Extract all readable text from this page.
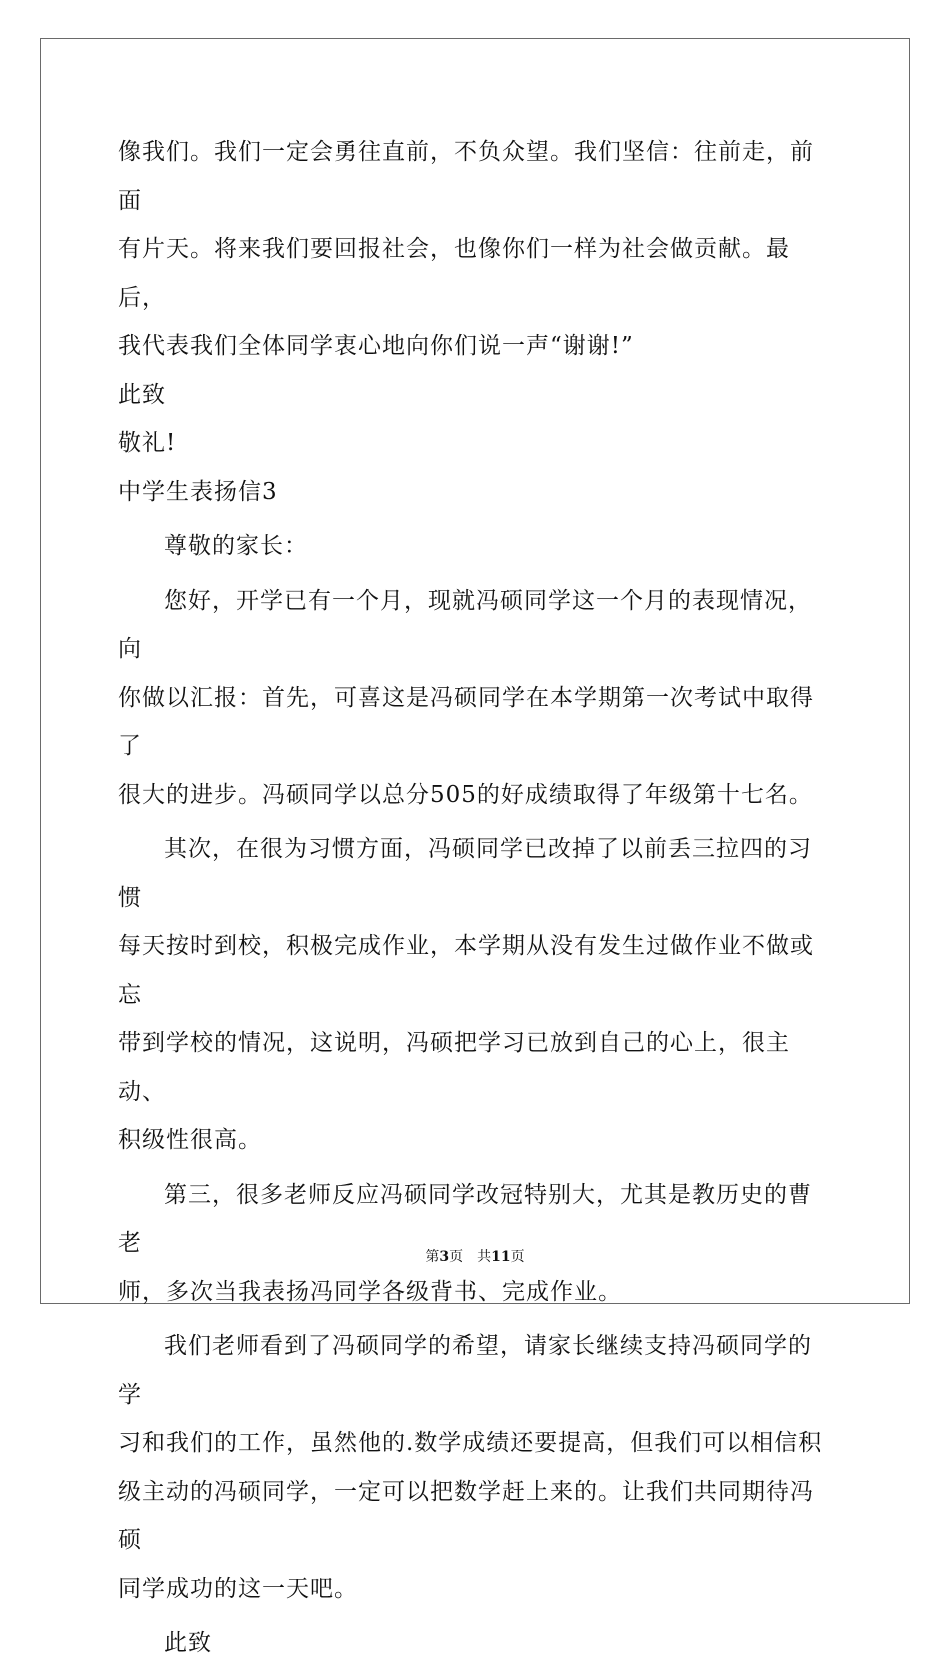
像我们。我们一定会勇往直前，不负众望。我们坚信：往前走，前面

有片天。将来我们要回报社会，也像你们一样为社会做贡献。最后，

我代表我们全体同学衷心地向你们说一声“谢谢!”

此致

敬礼!

中学生表扬信3

尊敬的家长：

您好，开学已有一个月，现就冯硕同学这一个月的表现情况，向

你做以汇报：首先，可喜这是冯硕同学在本学期第一次考试中取得了

很大的进步。冯硕同学以总分505的好成绩取得了年级第十七名。

其次，在很为习惯方面，冯硕同学已改掉了以前丢三拉四的习惯

每天按时到校，积极完成作业，本学期从没有发生过做作业不做或忘

带到学校的情况，这说明，冯硕把学习已放到自己的心上，很主动、

积级性很高。

第三，很多老师反应冯硕同学改冠特别大，尤其是教历史的曹老

师，多次当我表扬冯同学各级背书、完成作业。

我们老师看到了冯硕同学的希望，请家长继续支持冯硕同学的学

习和我们的工作，虽然他的.数学成绩还要提高，但我们可以相信积

级主动的冯硕同学，一定可以把数学赶上来的。让我们共同期待冯硕

同学成功的这一天吧。

此致

第3页　共11页
